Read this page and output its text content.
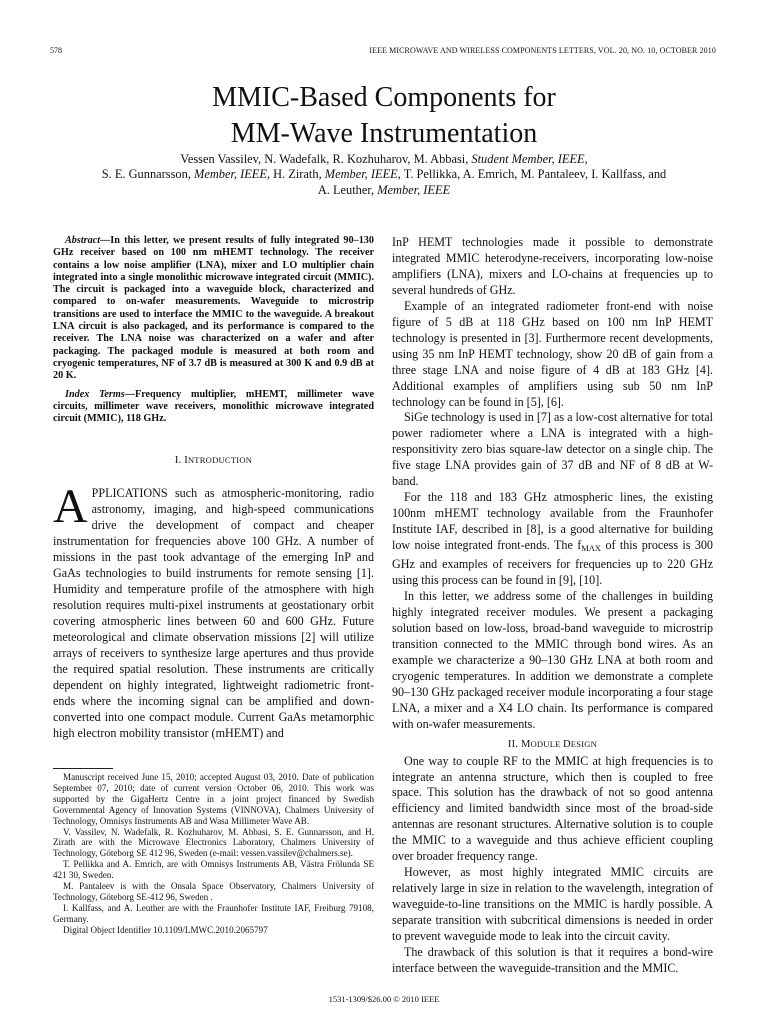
578	IEEE MICROWAVE AND WIRELESS COMPONENTS LETTERS, VOL. 20, NO. 10, OCTOBER 2010
MMIC-Based Components for
MM-Wave Instrumentation
Vessen Vassilev, N. Wadefalk, R. Kozhuharov, M. Abbasi, Student Member, IEEE,
S. E. Gunnarsson, Member, IEEE, H. Zirath, Member, IEEE, T. Pellikka, A. Emrich, M. Pantaleev, I. Kallfass, and
A. Leuther, Member, IEEE

Abstract—In this letter, we present results of fully integrated 90–130 GHz receiver based on 100 nm mHEMT technology. The receiver contains a low noise amplifier (LNA), mixer and LO multiplier chain integrated into a single monolithic microwave integrated circuit (MMIC). The circuit is packaged into a waveguide block, characterized and compared to on-wafer measurements. Waveguide to microstrip transitions are used to interface the MMIC to the waveguide. A breakout LNA circuit is also packaged, and its performance is compared to the receiver. The LNA noise was characterized on a wafer and after packaging. The packaged module is measured at both room and cryogenic temperatures, NF of 3.7 dB is measured at 300 K and 0.9 dB at 20 K.

Index Terms—Frequency multiplier, mHEMT, millimeter wave circuits, millimeter wave receivers, monolithic microwave integrated circuit (MMIC), 118 GHz.

I. INTRODUCTION

APPLICATIONS such as atmospheric-monitoring, radio astronomy, imaging, and high-speed communications drive the development of compact and cheaper instrumentation for frequencies above 100 GHz. A number of missions in the past took advantage of the emerging InP and GaAs technologies to build instruments for remote sensing [1]. Humidity and temperature profile of the atmosphere with high resolution requires multi-pixel instruments at geostationary orbit covering atmospheric lines between 60 and 600 GHz. Future meteorological and climate observation missions [2] will utilize arrays of receivers to synthesize large apertures and thus provide the required spatial resolution. These instruments are critically dependent on highly integrated, lightweight radiometric front-ends where the incoming signal can be amplified and down-converted into one compact module. Current GaAs metamorphic high electron mobility transistor (mHEMT) and

Manuscript received June 15, 2010; accepted August 03, 2010. Date of publication September 07, 2010; date of current version October 06, 2010. This work was supported by the GigaHertz Centre in a joint project financed by Swedish Governmental Agency of Innovation Systems (VINNOVA), Chalmers University of Technology, Omnisys Instruments AB and Wasa Millimeter Wave AB.

V. Vassilev, N. Wadefalk, R. Kozhuharov, M. Abbasi, S. E. Gunnarsson, and H. Zirath are with the Microwave Electronics Laboratory, Chalmers University of Technology, Göteborg SE 412 96, Sweden (e-mail: vessen.vassilev@chalmers.se).

T. Pellikka and A. Emrich, are with Omnisys Instruments AB, Västra Frölunda SE 421 30, Sweden.

M. Pantaleev is with the Onsala Space Observatory, Chalmers University of Technology, Göteborg SE-412 96, Sweden .

I. Kallfass, and A. Leuther are with the Fraunhofer Institute IAF, Freiburg 79108, Germany.

Digital Object Identifier 10.1109/LMWC.2010.2065797

InP HEMT technologies made it possible to demonstrate integrated MMIC heterodyne-receivers, incorporating low-noise amplifiers (LNA), mixers and LO-chains at frequencies up to several hundreds of GHz.

Example of an integrated radiometer front-end with noise figure of 5 dB at 118 GHz based on 100 nm InP HEMT technology is presented in [3]. Furthermore recent developments, using 35 nm InP HEMT technology, show 20 dB of gain from a three stage LNA and noise figure of 4 dB at 183 GHz [4]. Additional examples of amplifiers using sub 50 nm InP technology can be found in [5], [6].

SiGe technology is used in [7] as a low-cost alternative for total power radiometer where a LNA is integrated with a high-responsitivity zero bias square-law detector on a single chip. The five stage LNA provides gain of 37 dB and NF of 8 dB at W-band.

For the 118 and 183 GHz atmospheric lines, the existing 100nm mHEMT technology available from the Fraunhofer Institute IAF, described in [8], is a good alternative for building low noise integrated front-ends. The $f_{MAX}$ of this process is 300 GHz and examples of receivers for frequencies up to 220 GHz using this process can be found in [9], [10].

In this letter, we address some of the challenges in building highly integrated receiver modules. We present a packaging solution based on low-loss, broad-band waveguide to microstrip transition connected to the MMIC through bond wires. As an example we characterize a 90–130 GHz LNA at both room and cryogenic temperatures. In addition we demonstrate a complete 90–130 GHz packaged receiver module incorporating a four stage LNA, a mixer and a X4 LO chain. Its performance is compared with on-wafer measurements.

II. MODULE DESIGN

One way to couple RF to the MMIC at high frequencies is to integrate an antenna structure, which then is coupled to free space. This solution has the drawback of not so good antenna efficiency and limited bandwidth since most of the broad-side antennas are resonant structures. Alternative solution is to couple the MMIC to a waveguide and thus achieve efficient coupling over broader frequency range.

However, as most highly integrated MMIC circuits are relatively large in size in relation to the wavelength, integration of waveguide-to-line transitions on the MMIC is hardly possible. A separate transition with subcritical dimensions is needed in order to prevent waveguide mode to leak into the circuit cavity.

The drawback of this solution is that it requires a bond-wire interface between the waveguide-transition and the MMIC.

1531-1309/$26.00 © 2010 IEEE
